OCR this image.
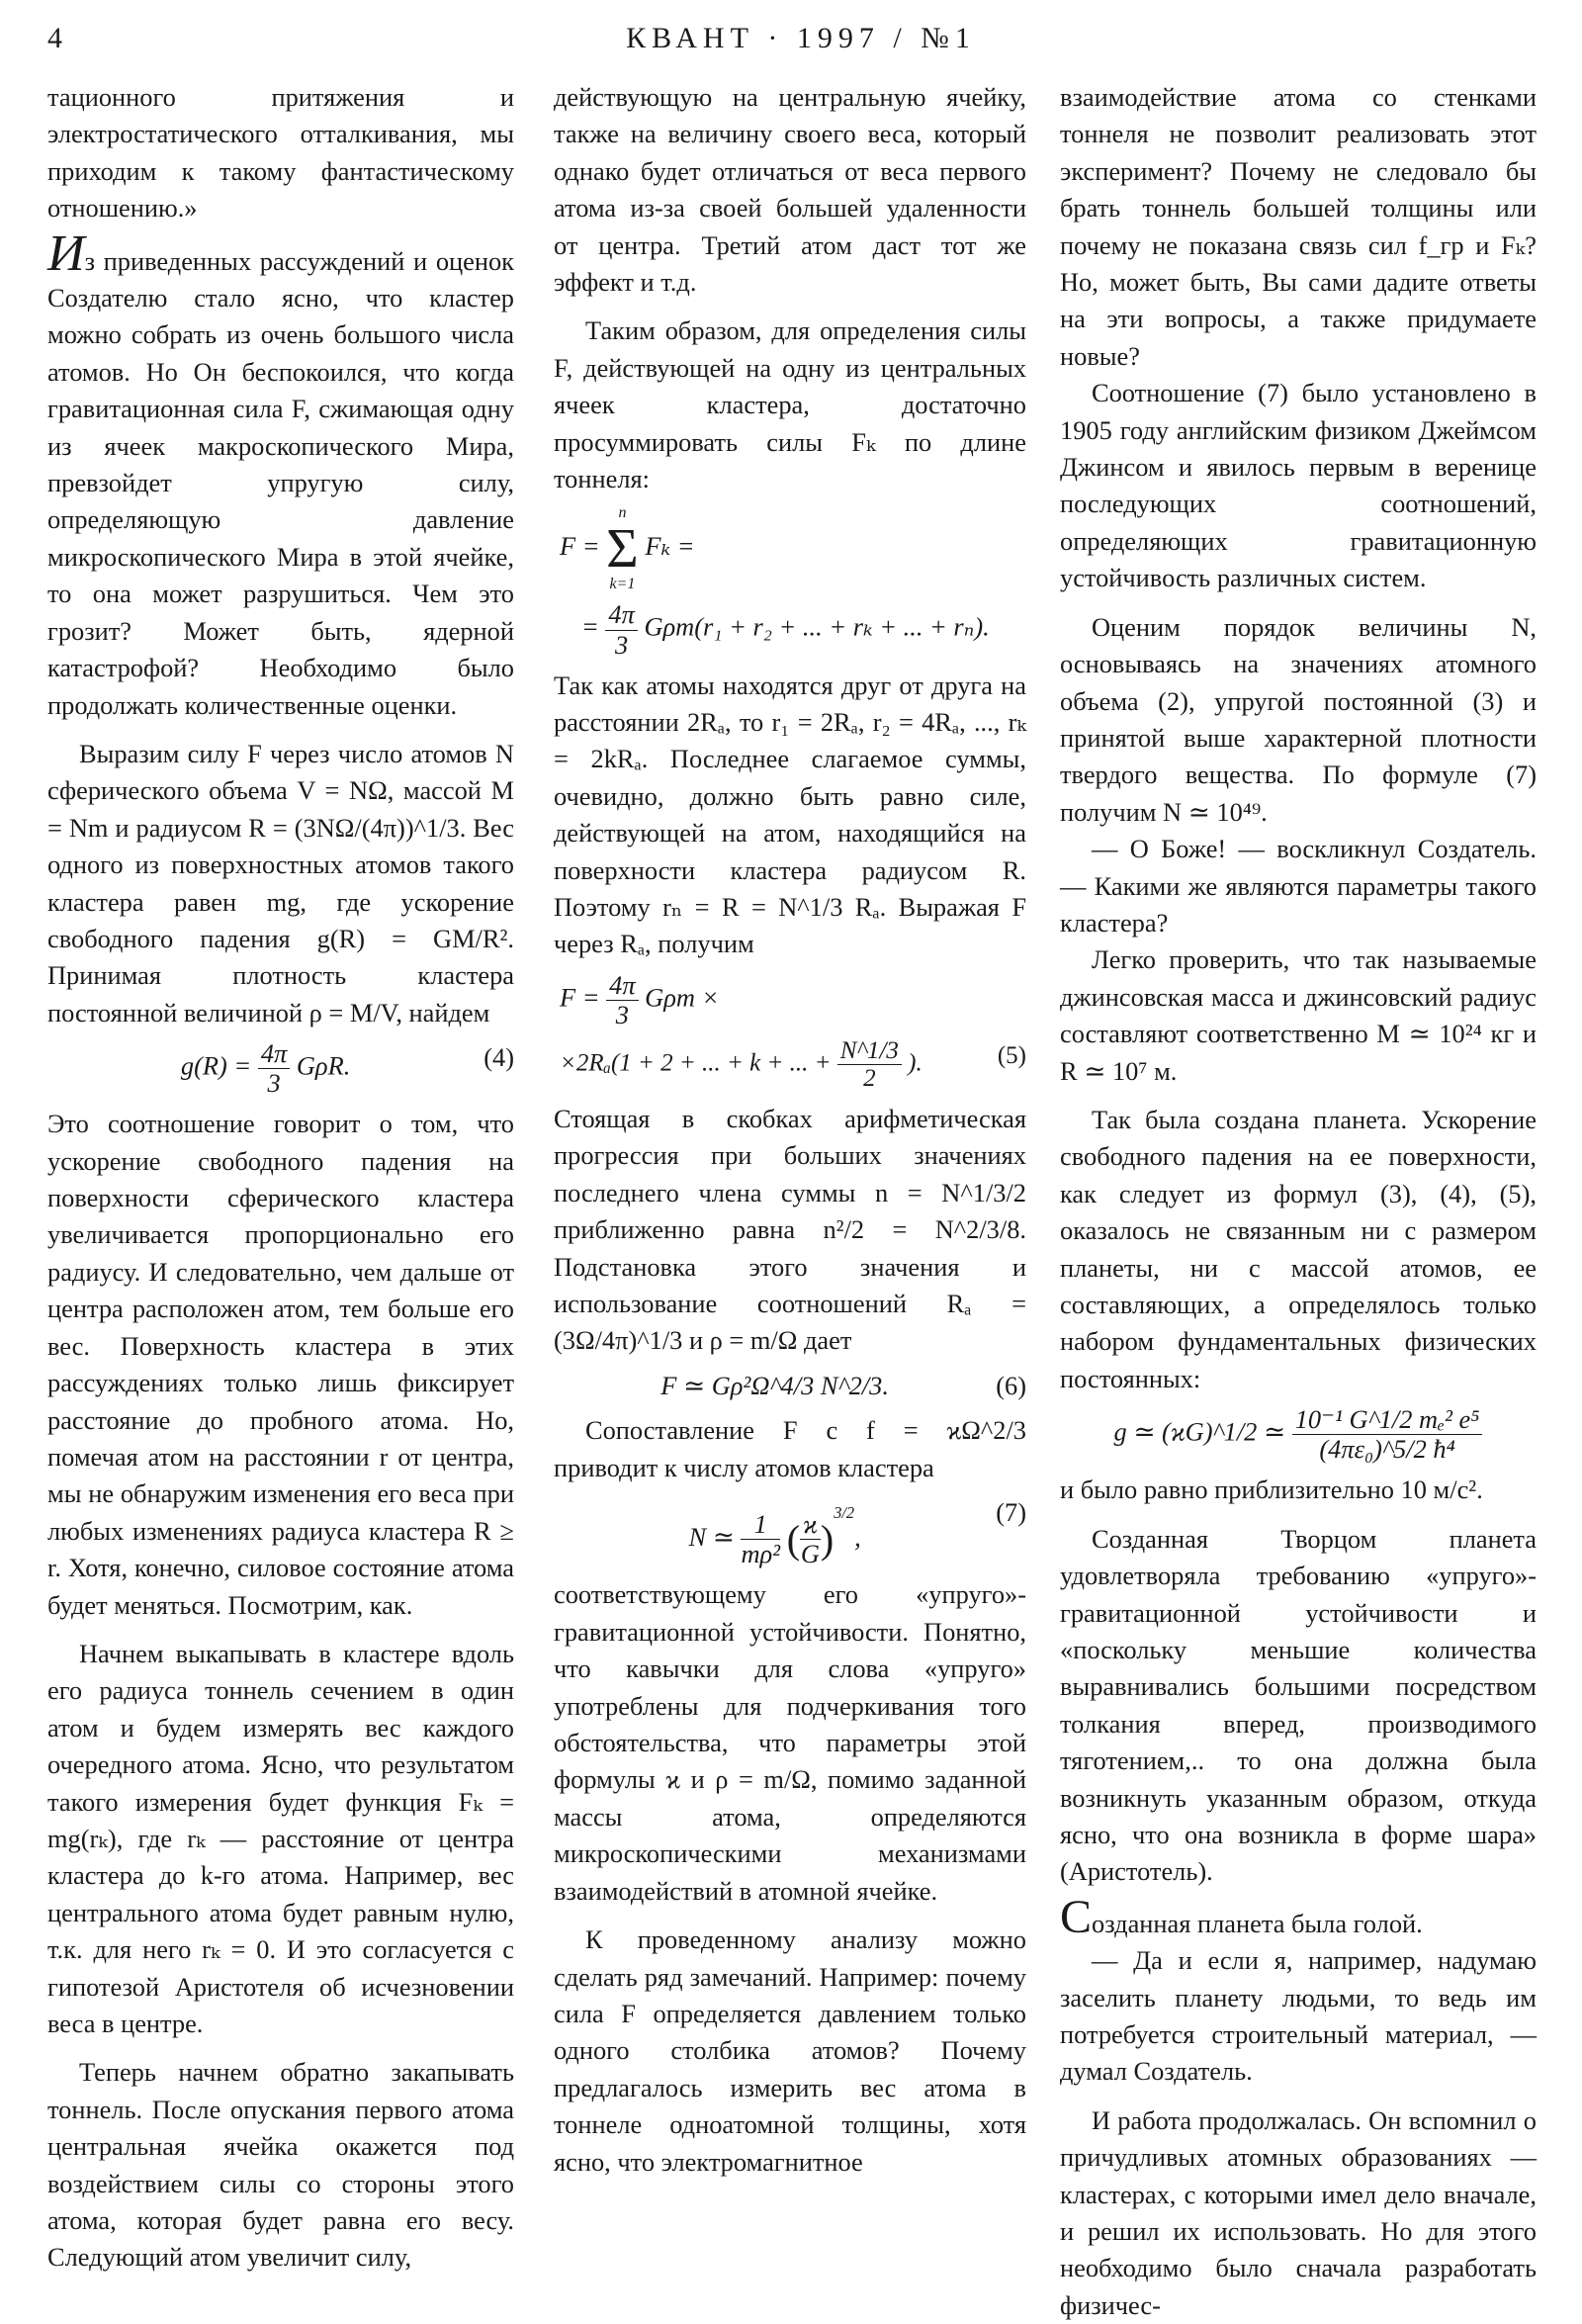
4	КВАНТ · 1997 / №1

тационного притяжения и электростатического отталкивания, мы приходим к такому фантастическому отношению.»

Из приведенных рассуждений и оценок Создателю стало ясно, что кластер можно собрать из очень большого числа атомов. Но Он беспокоился, что когда гравитационная сила F, сжимающая одну из ячеек макроскопического Мира, превзойдет упругую силу, определяющую давление микроскопического Мира в этой ячейке, то она может разрушиться. Чем это грозит? Может быть, ядерной катастрофой? Необходимо было продолжать количественные оценки.

Выразим силу F через число атомов N сферического объема V = NΩ, массой M = Nm и радиусом R = (3NΩ/(4π))^1/3. Вес одного из поверхностных атомов такого кластера равен mg, где ускорение свободного падения g(R) = GM/R². Принимая плотность кластера постоянной величиной ρ = M/V, найдем

$g(R) = \frac{4\pi}{3} G\rho R$.	(4)

Это соотношение говорит о том, что ускорение свободного падения на поверхности сферического кластера увеличивается пропорционально его радиусу. И следовательно, чем дальше от центра расположен атом, тем больше его вес. Поверхность кластера в этих рассуждениях только лишь фиксирует расстояние до пробного атома. Но, помечая атом на расстоянии r от центра, мы не обнаружим изменения его веса при любых изменениях радиуса кластера R ≥ r. Хотя, конечно, силовое состояние атома будет меняться. Посмотрим, как.

Начнем выкапывать в кластере вдоль его радиуса тоннель сечением в один атом и будем измерять вес каждого очередного атома. Ясно, что результатом такого измерения будет функция Fₖ = mg(rₖ), где rₖ — расстояние от центра кластера до k-го атома. Например, вес центрального атома будет равным нулю, т.к. для него rₖ = 0. И это согласуется с гипотезой Аристотеля об исчезновении веса в центре.

Теперь начнем обратно закапывать тоннель. После опускания первого атома центральная ячейка окажется под воздействием силы со стороны этого атома, которая будет равна его весу. Следующий атом увеличит силу,

действующую на центральную ячейку, также на величину своего веса, который однако будет отличаться от веса первого атома из-за своей большей удаленности от центра. Третий атом даст тот же эффект и т.д.

Таким образом, для определения силы F, действующей на одну из центральных ячеек кластера, достаточно просуммировать силы Fₖ по длине тоннеля:

F =
n
Σ
k=1
Fₖ =
= $\frac{4\pi}{3} G\rho m(r_1 + r_2$ + ... + rₖ + ... + rₙ).

Так как атомы находятся друг от друга на расстоянии 2Rₐ, то r₁ = 2Rₐ, r₂ = 4Rₐ, ..., rₖ = 2kRₐ. Последнее слагаемое суммы, очевидно, должно быть равно силе, действующей на атом, находящийся на поверхности кластера радиусом R. Поэтому rₙ = R = N^1/3 Rₐ. Выражая F через Rₐ, получим

$F = \frac{4\pi}{3}$ Gρm ×
×2Rₐ(1 + 2 + ... + k + ... + $\frac{N\^{}1/3}{2}$ ).	(5)

Стоящая в скобках арифметическая прогрессия при больших значениях последнего члена суммы n = N^1/3/2 приближенно равна n²/2 = N^2/3/8. Подстановка этого значения и использование соотношений Rₐ = (3Ω/4π)^1/3 и ρ = m/Ω дает

F ≃ Gρ²Ω^4/3 N^2/3.	(6)

Сопоставление F с f = ϰΩ^2/3 приводит к числу атомов кластера

N ≃ $\frac{1}{\text{mρ²}}$ ( $\frac{ϰ}{G} )^{3/2}$,
(7)

соответствующему его «упруго»-гравитационной устойчивости. Понятно, что кавычки для слова «упруго» употреблены для подчеркивания того обстоятельства, что параметры этой формулы ϰ и ρ = m/Ω, помимо заданной массы атома, определяются микроскопическими механизмами взаимодействий в атомной ячейке.

К проведенному анализу можно сделать ряд замечаний. Например: почему сила F определяется давлением только одного столбика атомов? Почему предлагалось измерить вес атома в тоннеле одноатомной толщины, хотя ясно, что электромагнитное

взаимодействие атома со стенками тоннеля не позволит реализовать этот эксперимент? Почему не следовало бы брать тоннель большей толщины или почему не показана связь сил f_гр и Fₖ? Но, может быть, Вы сами дадите ответы на эти вопросы, а также придумаете новые?

Соотношение (7) было установлено в 1905 году английским физиком Джеймсом Джинсом и явилось первым в веренице последующих соотношений, определяющих гравитационную устойчивость различных систем.

Оценим порядок величины N, основываясь на значениях атомного объема (2), упругой постоянной (3) и принятой выше характерной плотности твердого вещества. По формуле (7) получим N ≃ 10⁴⁹.

— О Боже! — воскликнул Создатель. — Какими же являются параметры такого кластера?

Легко проверить, что так называемые джинсовская масса и джинсовский радиус составляют соответственно M ≃ 10²⁴ кг и R ≃ 10⁷ м.

Так была создана планета. Ускорение свободного падения на ее поверхности, как следует из формул (3), (4), (5), оказалось не связанным ни с размером планеты, ни с массой атомов, ее составляющих, а определялось только набором фундаментальных физических постоянных:

g ≃ (ϰG)^1/2 ≃ $\frac{\text{10⁻¹ G\textasciicircum{}1/2 mₑ² e⁵}}{\text{(4πε₀)\textasciicircum{}5/2 ħ⁴}}$

и было равно приблизительно 10 м/с².

Созданная Творцом планета удовлетворяла требованию «упруго»-гравитационной устойчивости и «поскольку меньшие количества выравнивались большими посредством толкания вперед, производимого тяготением,.. то она должна была возникнуть указанным образом, откуда ясно, что она возникла в форме шара» (Аристотель).

Созданная планета была голой.

— Да и если я, например, надумаю заселить планету людьми, то ведь им потребуется строительный материал, — думал Создатель.

И работа продолжалась. Он вспомнил о причудливых атомных образованиях — кластерах, с которыми имел дело вначале, и решил их использовать. Но для этого необходимо было сначала разработать физичес-
